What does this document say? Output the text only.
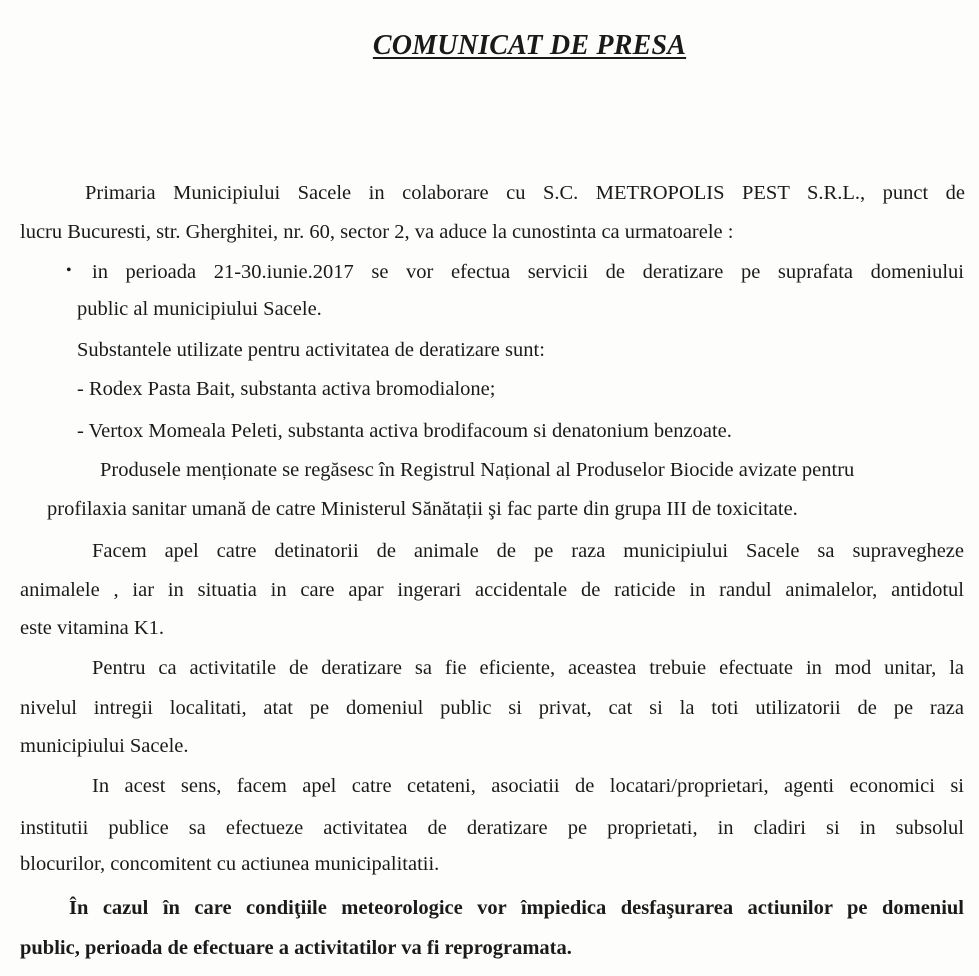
COMUNICAT DE PRESA
Primaria Municipiului Sacele in colaborare cu S.C. METROPOLIS PEST S.R.L., punct de
lucru Bucuresti, str. Gherghitei, nr. 60, sector 2, va aduce la cunostinta ca urmatoarele :
• in perioada 21-30.iunie.2017 se vor efectua servicii de deratizare pe suprafata domeniului
public al municipiului Sacele.
Substantele utilizate pentru activitatea de deratizare sunt:
- Rodex Pasta Bait, substanta activa bromodialone;
- Vertox Momeala Peleti, substanta activa brodifacoum si denatonium benzoate.
Produsele menționate se regăsesc în Registrul Național al Produselor Biocide avizate pentru
profilaxia sanitar umană de catre Ministerul Sănătații şi fac parte din grupa III de toxicitate.
Facem apel catre detinatorii de animale de pe raza municipiului Sacele sa supravegheze
animalele , iar in situatia in care apar ingerari accidentale de raticide in randul animalelor, antidotul
este vitamina K1.
Pentru ca activitatile de deratizare sa fie eficiente, aceastea trebuie efectuate in mod unitar, la
nivelul intregii localitati, atat pe domeniul public si privat, cat si la toti utilizatorii de pe raza
municipiului Sacele.
In acest sens, facem apel catre cetateni, asociatii de locatari/proprietari, agenti economici si
institutii publice sa efectueze activitatea de deratizare pe proprietati, in cladiri si in subsolul
blocurilor, concomitent cu actiunea municipalitatii.
În cazul în care condiţiile meteorologice vor împiedica desfaşurarea actiunilor pe domeniul
public, perioada de efectuare a activitatilor va fi reprogramata.
